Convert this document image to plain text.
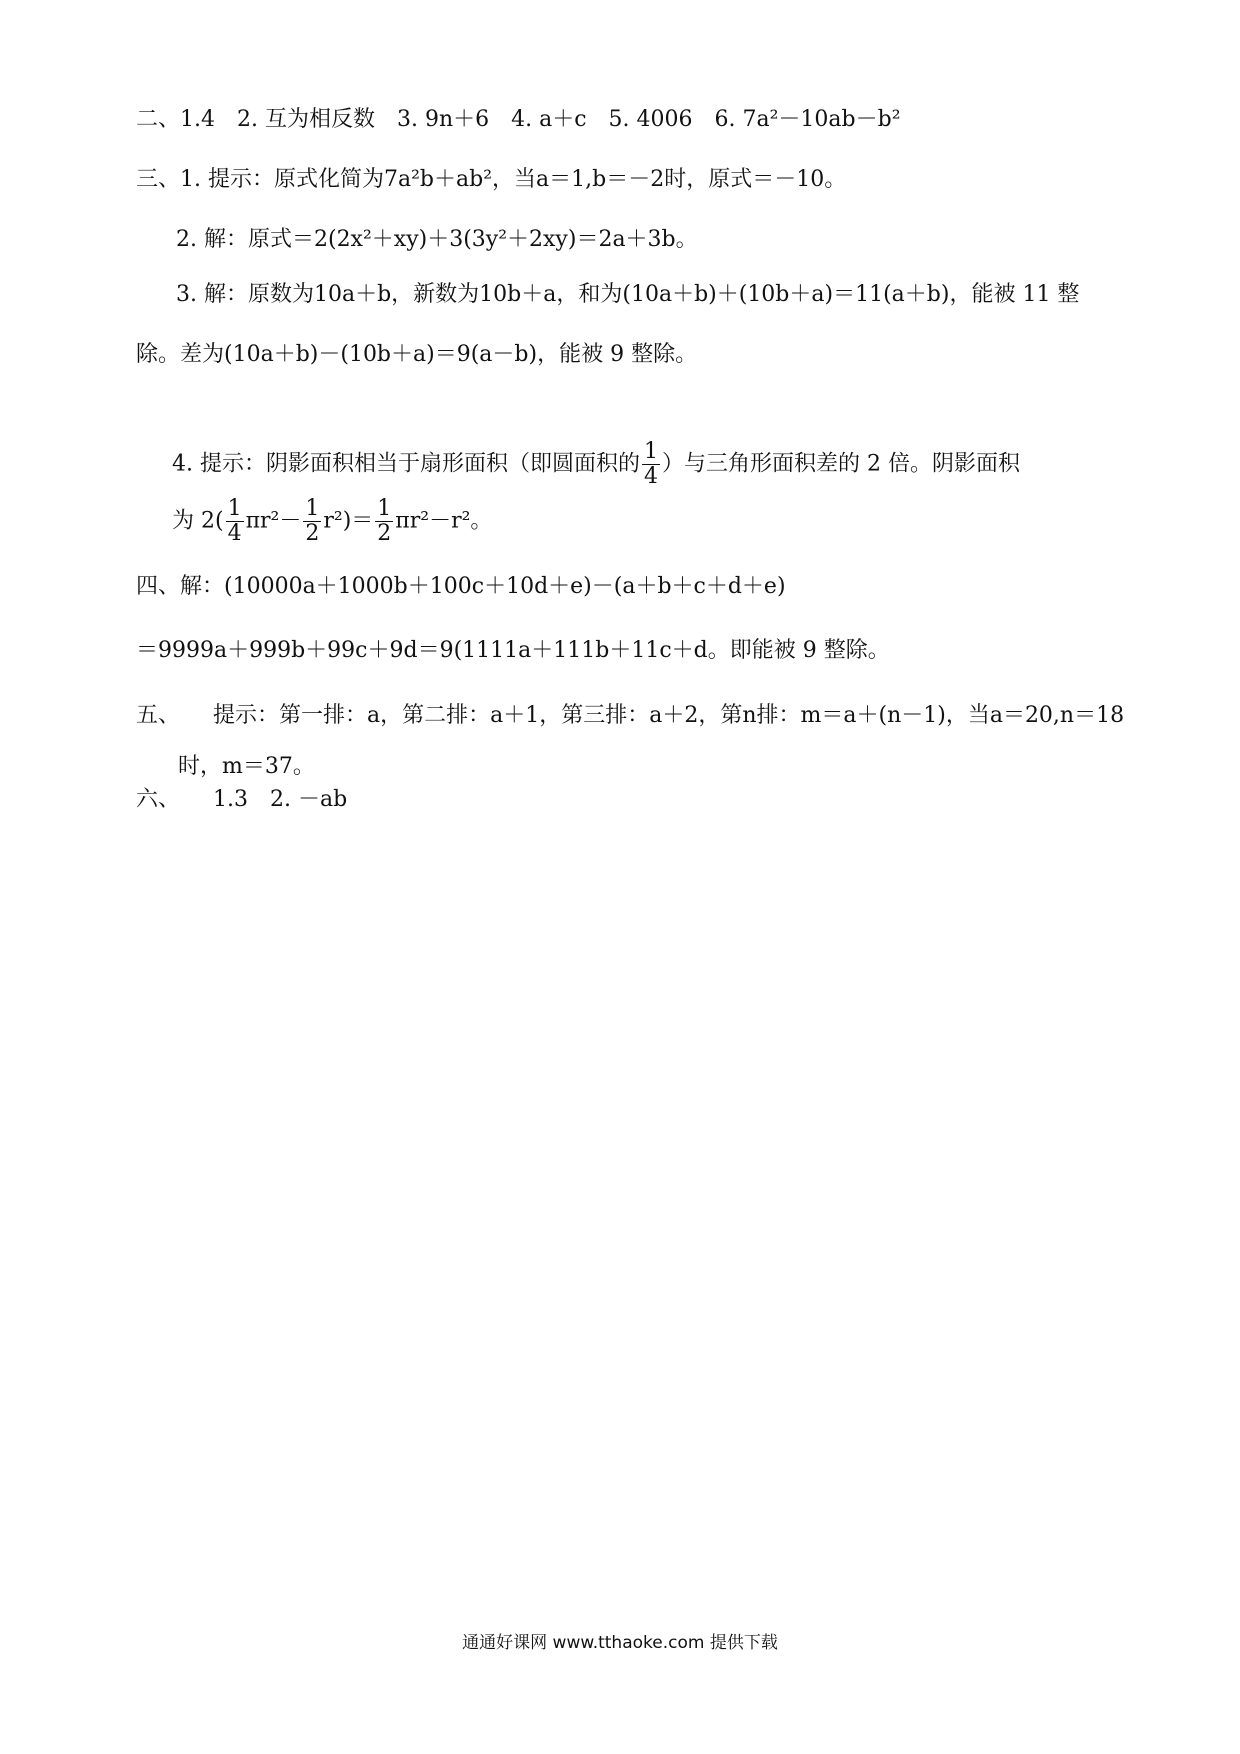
二、1.4　2. 互为相反数　3. 9n＋6　4. a＋c　5. 4006　6. 7a²－10ab－b²
三、1. 提示：原式化简为7a²b＋ab²，当a＝1,b＝－2时，原式＝－10。
2. 解：原式＝2(2x²＋xy)＋3(3y²＋2xy)＝2a＋3b。
3. 解：原数为10a＋b，新数为10b＋a，和为(10a＋b)＋(10b＋a)＝11(a＋b)，能被 11 整
除。差为(10a＋b)－(10b＋a)＝9(a－b)，能被 9 整除。
4. 提示：阴影面积相当于扇形面积（即圆面积的 $\frac{1}{4}$ ）与三角形面积差的 2 倍。阴影面积
为 $2( \frac{1}{4} \pi r^2- \frac{1}{2} r^2)= \frac{1}{2} \pi r^2-r^2$。
四、解：(10000a＋1000b＋100c＋10d＋e)－(a＋b＋c＋d＋e)
＝9999a＋999b＋99c＋9d＝9(1111a＋111b＋11c＋d。即能被 9 整除。
五、　　提示：第一排：a，第二排：a＋1，第三排：a＋2，第n排：m＝a＋(n－1)，当a＝20,n＝18
时，m＝37。
六、　　1.3　2. －ab
通通好课网 www.tthaoke.com 提供下载
